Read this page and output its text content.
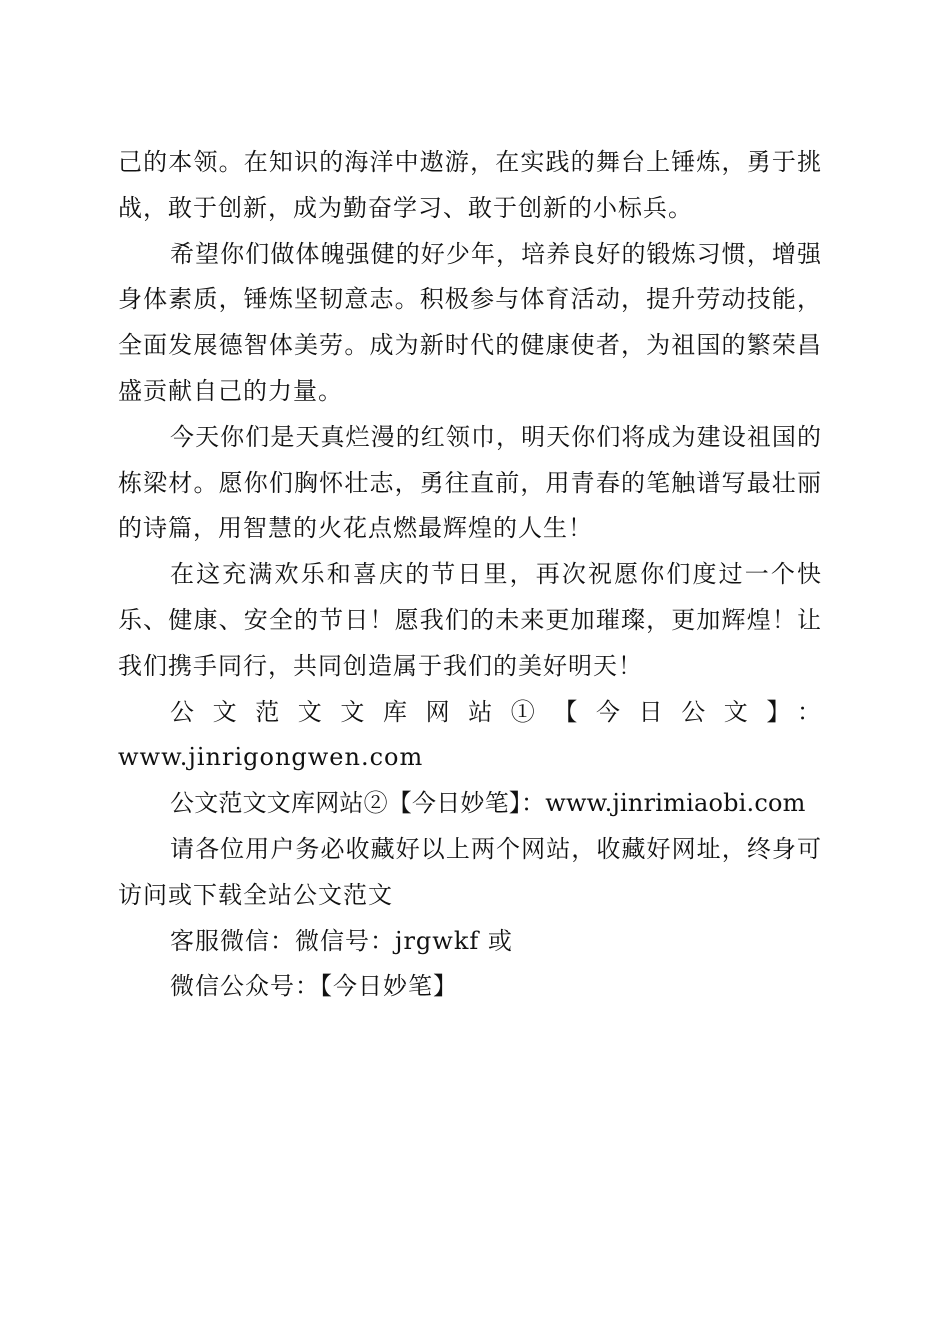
己的本领。在知识的海洋中遨游，在实践的舞台上锤炼，勇于挑战，敢于创新，成为勤奋学习、敢于创新的小标兵。

希望你们做体魄强健的好少年，培养良好的锻炼习惯，增强身体素质，锤炼坚韧意志。积极参与体育活动，提升劳动技能，全面发展德智体美劳。成为新时代的健康使者，为祖国的繁荣昌盛贡献自己的力量。

今天你们是天真烂漫的红领巾，明天你们将成为建设祖国的栋梁材。愿你们胸怀壮志，勇往直前，用青春的笔触谱写最壮丽的诗篇，用智慧的火花点燃最辉煌的人生！

在这充满欢乐和喜庆的节日里，再次祝愿你们度过一个快乐、健康、安全的节日！愿我们的未来更加璀璨，更加辉煌！让我们携手同行，共同创造属于我们的美好明天！

公文范文文库网站①【今日公文】：

www.jinrigongwen.com

公文范文文库网站②【今日妙笔】：www.jinrimiaobi.com

请各位用户务必收藏好以上两个网站，收藏好网址，终身可访问或下载全站公文范文

客服微信：微信号：jrgwkf 或

微信公众号：【今日妙笔】
